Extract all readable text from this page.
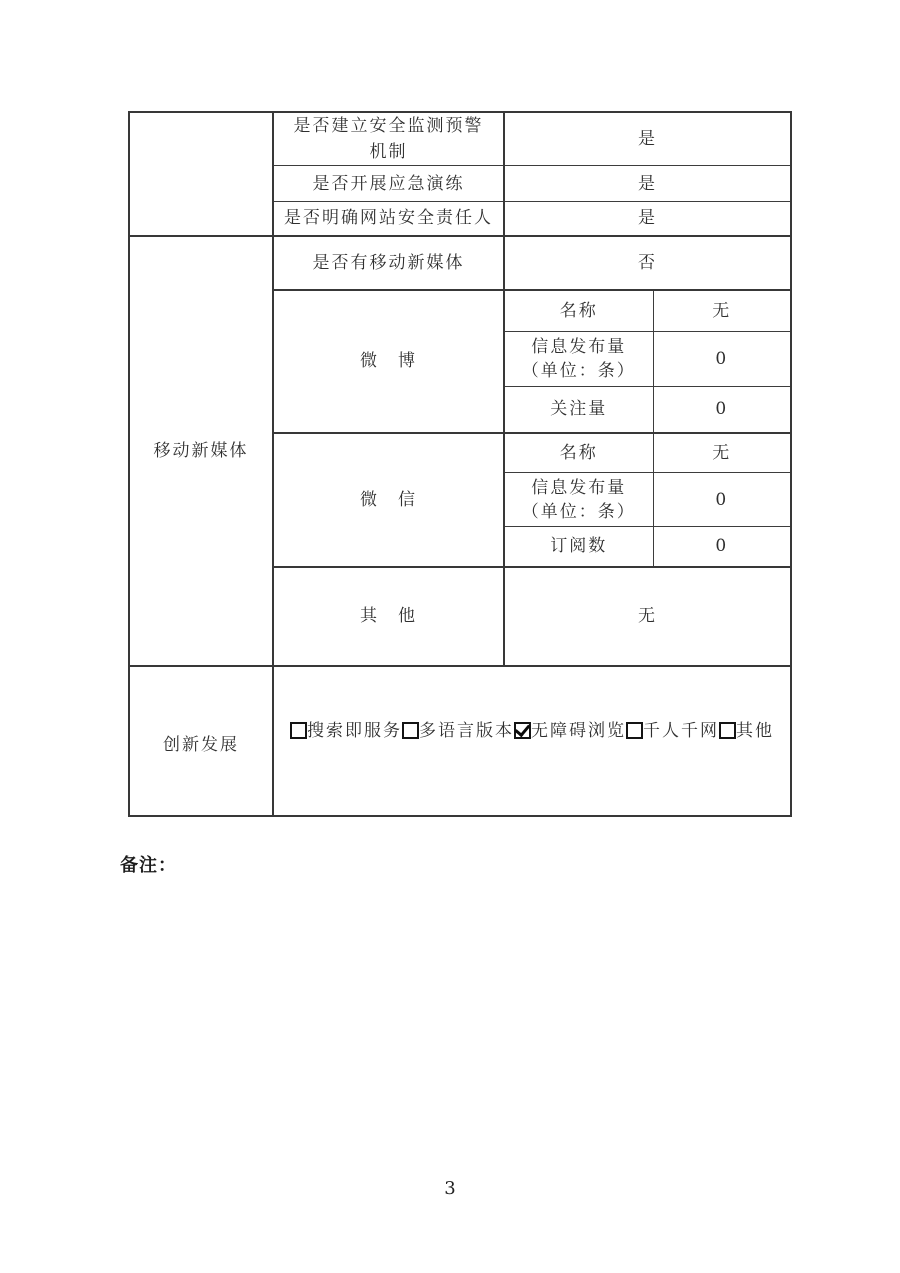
	是否建立安全监测预警机制	是	
	是否开展应急演练	是	
	是否明确网站安全责任人	是	
移动新媒体	是否有移动新媒体	否	
	微　博	名称	无

		信息发布量
（单位：条）	0
		关注量	0
	微　信	名称	无

		信息发布量
（单位：条）	0
		订阅数	0
	其　他	无	
创新发展	搜索即服务 多语言版本 无障碍浏览 千人千网 其他		
备注：
3
